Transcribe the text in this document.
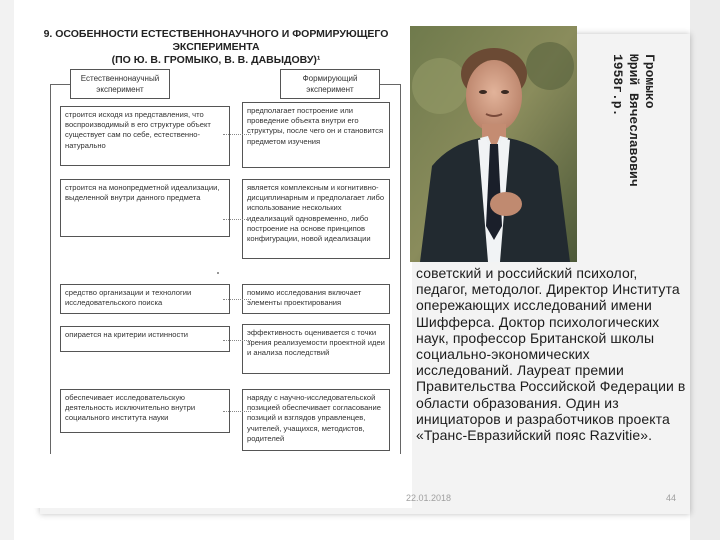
9. ОСОБЕННОСТИ ЕСТЕСТВЕННОНАУЧНОГО И ФОРМИРУЮЩЕГО
ЭКСПЕРИМЕНТА
(ПО Ю. В. ГРОМЫКО, В. В. ДАВЫДОВУ)¹
Естественнонаучный эксперимент
Формирующий эксперимент
строится исходя из представления, что воспроизводимый в его структуре объект существует сам по себе, естественно-натурально
предполагает построение или проведение объекта внутри его структуры, после чего он и становится предметом изучения
строится на монопредметной идеализации, выделенной внутри данного предмета
является комплексным и когнитивно-дисциплинарным и предполагает либо использование нескольких идеализаций одновременно, либо построение на основе принципов конфигурации, новой идеализации
средство организации и технологии исследовательского поиска
помимо исследования включает элементы проектирования
опирается на критерии истинности	эффективность оценивается с точки зрения реализуемости проектной идеи и анализа последствий
обеспечивает исследовательскую деятельность исключительно внутри социального института науки
наряду с научно-исследовательской позицией обеспечивает согласование позиций и взглядов управленцев, учителей, учащихся, методистов, родителей
Громыко
Юрий Вячеславович
1958г.р.
советский и российский психолог, педагог, методолог. Директор Института опережающих исследований имени Шифферса. Доктор психологических наук, профессор Британской школы социально-экономических исследований. Лауреат премии Правительства Российской Федерации в области образования. Один из инициаторов и разработчиков проекта «Транс-Евразийский пояс Razvitie».
22.01.2018	44
